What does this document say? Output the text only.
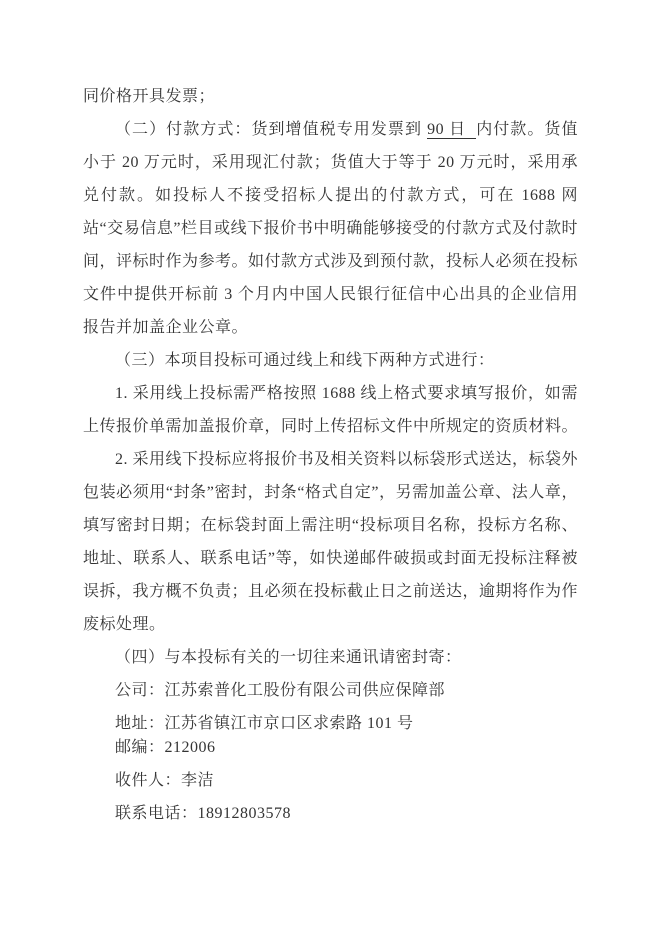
同价格开具发票；

（二）付款方式：货到增值税专用发票到 90 日 内付款。货值小于 20 万元时，采用现汇付款；货值大于等于 20 万元时，采用承兑付款。如投标人不接受招标人提出的付款方式，可在 1688 网站“交易信息”栏目或线下报价书中明确能够接受的付款方式及付款时间，评标时作为参考。如付款方式涉及到预付款，投标人必须在投标文件中提供开标前 3 个月内中国人民银行征信中心出具的企业信用报告并加盖企业公章。

（三）本项目投标可通过线上和线下两种方式进行：

1. 采用线上投标需严格按照 1688 线上格式要求填写报价，如需上传报价单需加盖报价章，同时上传招标文件中所规定的资质材料。

2. 采用线下投标应将报价书及相关资料以标袋形式送达，标袋外包装必须用“封条”密封，封条“格式自定”，另需加盖公章、法人章，填写密封日期；在标袋封面上需注明“投标项目名称，投标方名称、地址、联系人、联系电话”等，如快递邮件破损或封面无投标注释被误拆，我方概不负责；且必须在投标截止日之前送达，逾期将作为作废标处理。

（四）与本投标有关的一切往来通讯请密封寄：

公司：江苏索普化工股份有限公司供应保障部

地址：江苏省镇江市京口区求索路 101 号

邮编：212006

收件人：李洁

联系电话：18912803578
